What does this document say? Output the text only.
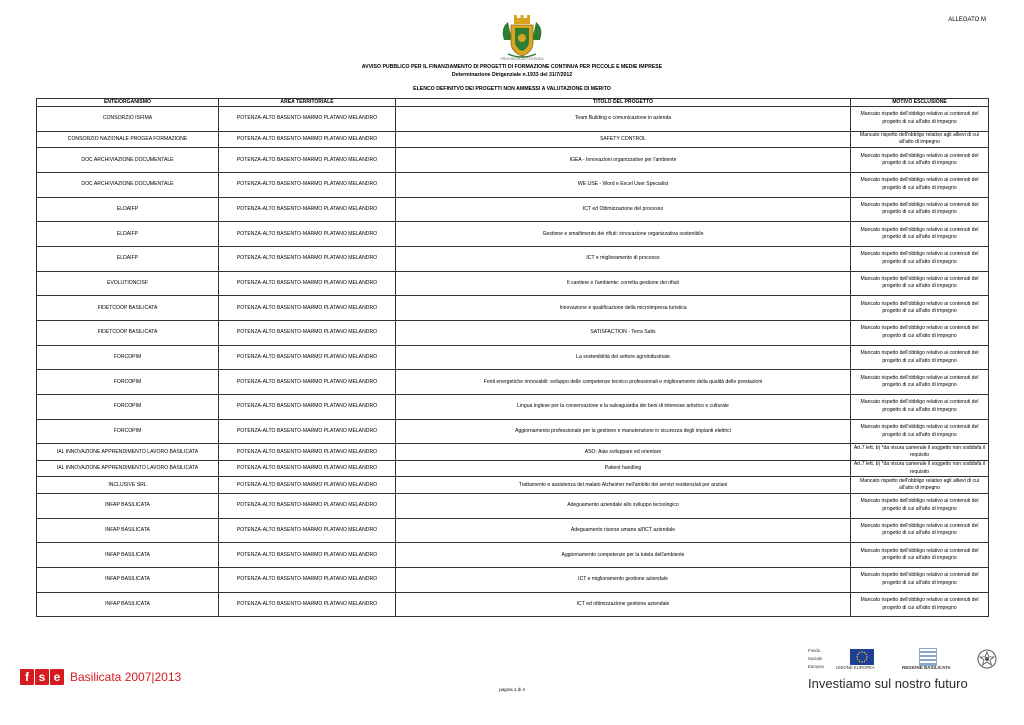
ALLEGATO M
PROVINCIA DI POTENZA
AVVISO PUBBLICO PER IL FINANZIAMENTO DI PROGETTI DI FORMAZIONE CONTINUA PER PICCOLE E MEDIE IMPRESE
Determinazione Dirigenziale n.1933 del 31/7/2012
ELENCO DEFINITVO DEI PROGETTI NON AMMESSI A VALUTAZIONE DI MERITO
ENTE/ORGANISMO	AREA TERRITORIALE	TITOLO DEL PROGETTO	MOTIVO ESCLUSIONE
CONSORZIO ISFIMA	POTENZA-ALTO BASENTO-MARMO PLATANO MELANDRO	Team Building e comunicazione in azienda	Mancato rispetto dell'obbligo relativo ai contenuti del progetto di cui all'atto di impegno
CONSORZIO NAZIONALE PROGEA FORMAZIONE	POTENZA-ALTO BASENTO-MARMO PLATANO MELANDRO	SAFETY CONTROL	Mancato rispetto dell'obbligo relativo agli allievi di cui all'atto di impegno
DOC ARCHIVIAZIONE DOCUMENTALE	POTENZA-ALTO BASENTO-MARMO PLATANO MELANDRO	IGEA - Innovazioni organizzative per l'ambiente	Mancato rispetto dell'obbligo relativo ai contenuti del progetto di cui all'atto di impegno
DOC ARCHIVIAZIONE DOCUMENTALE	POTENZA-ALTO BASENTO-MARMO PLATANO MELANDRO	WE USE - Word e Excel User Specialist	Mancato rispetto dell'obbligo relativo ai contenuti del progetto di cui all'atto di impegno
ELDAIFP	POTENZA-ALTO BASENTO-MARMO PLATANO MELANDRO	ICT ed Ottimizzazione del processo	Mancato rispetto dell'obbligo relativo ai contenuti del progetto di cui all'atto di impegno
ELDAIFP	POTENZA-ALTO BASENTO-MARMO PLATANO MELANDRO	Gestione e smaltimento dei rifiuti: innovazione organizzativa sostenibile	Mancato rispetto dell'obbligo relativo ai contenuti del progetto di cui all'atto di impegno
ELDAIFP	POTENZA-ALTO BASENTO-MARMO PLATANO MELANDRO	ICT e miglioramento di processo	Mancato rispetto dell'obbligo relativo ai contenuti del progetto di cui all'atto di impegno
EVOLUTIONCISF	POTENZA-ALTO BASENTO-MARMO PLATANO MELANDRO	Il cantiere e l'ambiente: corretta gestione dei rifiuti	Mancato rispetto dell'obbligo relativo ai contenuti del progetto di cui all'atto di impegno
FIDETCOOP BASILICATA	POTENZA-ALTO BASENTO-MARMO PLATANO MELANDRO	Innovazione e qualificazione della microimpresa turistica	Mancato rispetto dell'obbligo relativo ai contenuti del progetto di cui all'atto di impegno
FIDETCOOP BASILICATA	POTENZA-ALTO BASENTO-MARMO PLATANO MELANDRO	SATISFACTION - Terra Satis	Mancato rispetto dell'obbligo relativo ai contenuti del progetto di cui all'atto di impegno
FORCOPIM	POTENZA-ALTO BASENTO-MARMO PLATANO MELANDRO	La sostenibilità del settore agroindustriale	Mancato rispetto dell'obbligo relativo ai contenuti del progetto di cui all'atto di impegno
FORCOPIM	POTENZA-ALTO BASENTO-MARMO PLATANO MELANDRO	Fonti energetiche rinnovabili: sviluppo delle competenze tecnico professionali e miglioramento della qualità delle prestazioni	Mancato rispetto dell'obbligo relativo ai contenuti del progetto di cui all'atto di impegno
FORCOPIM	POTENZA-ALTO BASENTO-MARMO PLATANO MELANDRO	Lingua inglese per la conservazione e la salvaguardia dei beni di interesse artistico e culturale	Mancato rispetto dell'obbligo relativo ai contenuti del progetto di cui all'atto di impegno
FORCOPIM	POTENZA-ALTO BASENTO-MARMO PLATANO MELANDRO	Aggiornamento professionale per la gestione e manutenzione in sicurezza degli impianti elettrici	Mancato rispetto dell'obbligo relativo ai contenuti del progetto di cui all'atto di impegno
IAL INNOVAZIONE APPRENDIMENTO LAVORO BASILICATA	POTENZA-ALTO BASENTO-MARMO PLATANO MELANDRO	ASO: Aias sviluppare ed orientare	Art.7 lett. b) *da visura camerale il soggetto non soddisfa il requisito
IAL INNOVAZIONE APPRENDIMENTO LAVORO BASILICATA	POTENZA-ALTO BASENTO-MARMO PLATANO MELANDRO	Patient handling	Art.7 lett. b) *da visura camerale il soggetto non soddisfa il requisito
INCLUSIVE SRL	POTENZA-ALTO BASENTO-MARMO PLATANO MELANDRO	Trattamento e assistenza del malato Alzheimer nell'ambito dei servizi residenziali per anziani	Mancato rispetto dell'obbligo relativo agli allievi di cui all'atto di impegno
INFAP BASILICATA	POTENZA-ALTO BASENTO-MARMO PLATANO MELANDRO	Adeguamento aziendale allo sviluppo tecnologico	Mancato rispetto dell'obbligo relativo ai contenuti del progetto di cui all'atto di impegno
INFAP BASILICATA	POTENZA-ALTO BASENTO-MARMO PLATANO MELANDRO	Adeguamento risorse umane all'ICT aziendale	Mancato rispetto dell'obbligo relativo ai contenuti del progetto di cui all'atto di impegno
INFAP BASILICATA	POTENZA-ALTO BASENTO-MARMO PLATANO MELANDRO	Aggiornamento competenze per la tutela dell'ambiente	Mancato rispetto dell'obbligo relativo ai contenuti del progetto di cui all'atto di impegno
INFAP BASILICATA	POTENZA-ALTO BASENTO-MARMO PLATANO MELANDRO	ICT e miglioramento gestione aziendale	Mancato rispetto dell'obbligo relativo ai contenuti del progetto di cui all'atto di impegno
INFAP BASILICATA	POTENZA-ALTO BASENTO-MARMO PLATANO MELANDRO	ICT ed ottimizzazione gestione aziendale	Mancato rispetto dell'obbligo relativo ai contenuti del progetto di cui all'atto di impegno
f s e Basilicata 2007|2013
pagina 1 di 4
Fondo
Sociale
Europeo	UNIONE EUROPEA	REGIONE BASILICATA
Investiamo sul nostro futuro
